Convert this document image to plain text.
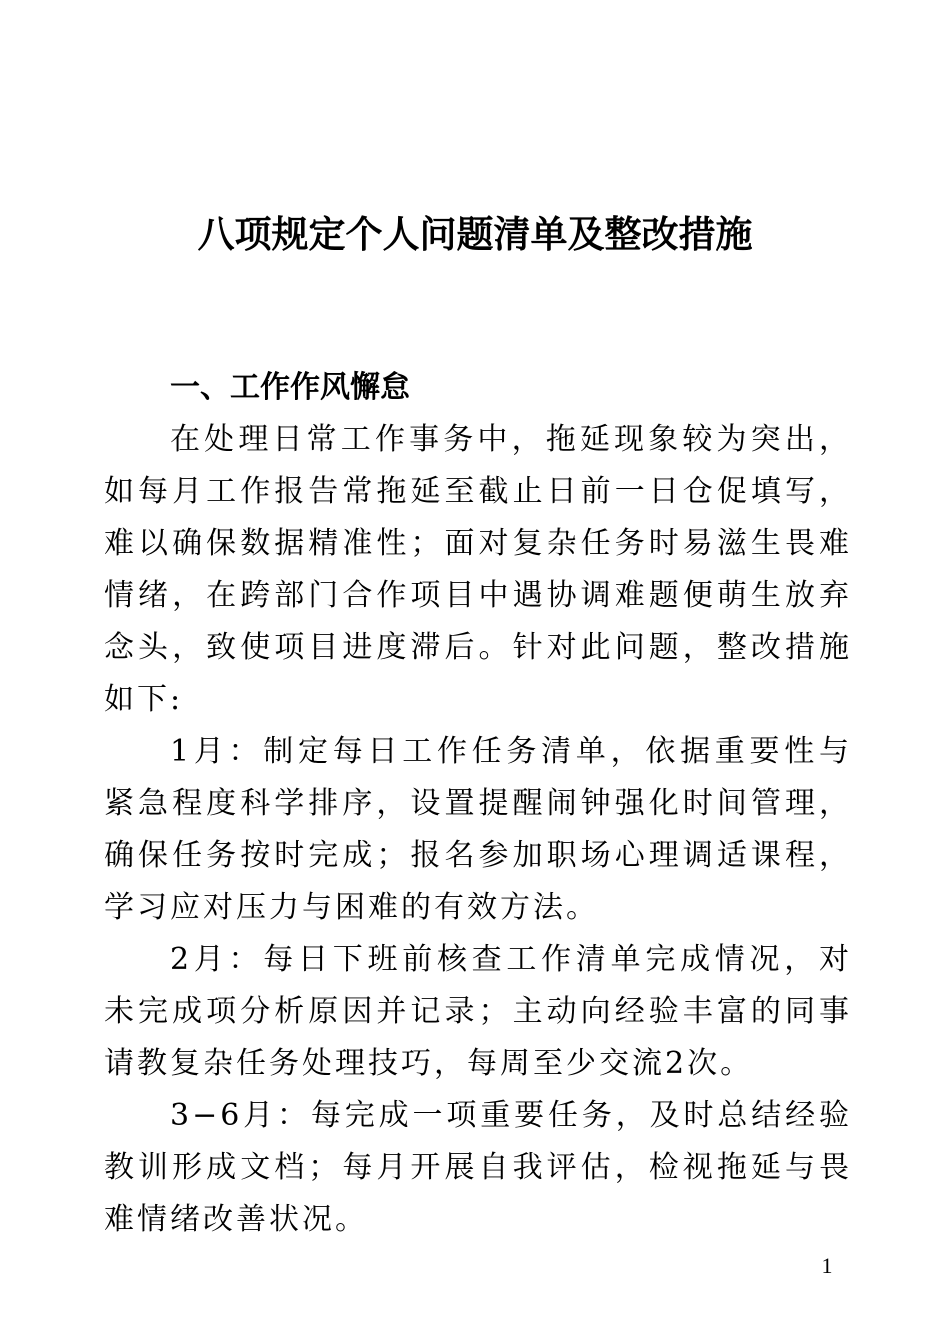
八项规定个人问题清单及整改措施
一、工作作风懈怠

在处理日常工作事务中，拖延现象较为突出，如每月工作报告常拖延至截止日前一日仓促填写，难以确保数据精准性；面对复杂任务时易滋生畏难情绪，在跨部门合作项目中遇协调难题便萌生放弃念头，致使项目进度滞后。针对此问题，整改措施如下:

1月：制定每日工作任务清单，依据重要性与紧急程度科学排序，设置提醒闹钟强化时间管理，确保任务按时完成；报名参加职场心理调适课程，学习应对压力与困难的有效方法。

2月：每日下班前核查工作清单完成情况，对未完成项分析原因并记录；主动向经验丰富的同事请教复杂任务处理技巧，每周至少交流2次。

3−6月：每完成一项重要任务，及时总结经验教训形成文档；每月开展自我评估，检视拖延与畏难情绪改善状况。

1
